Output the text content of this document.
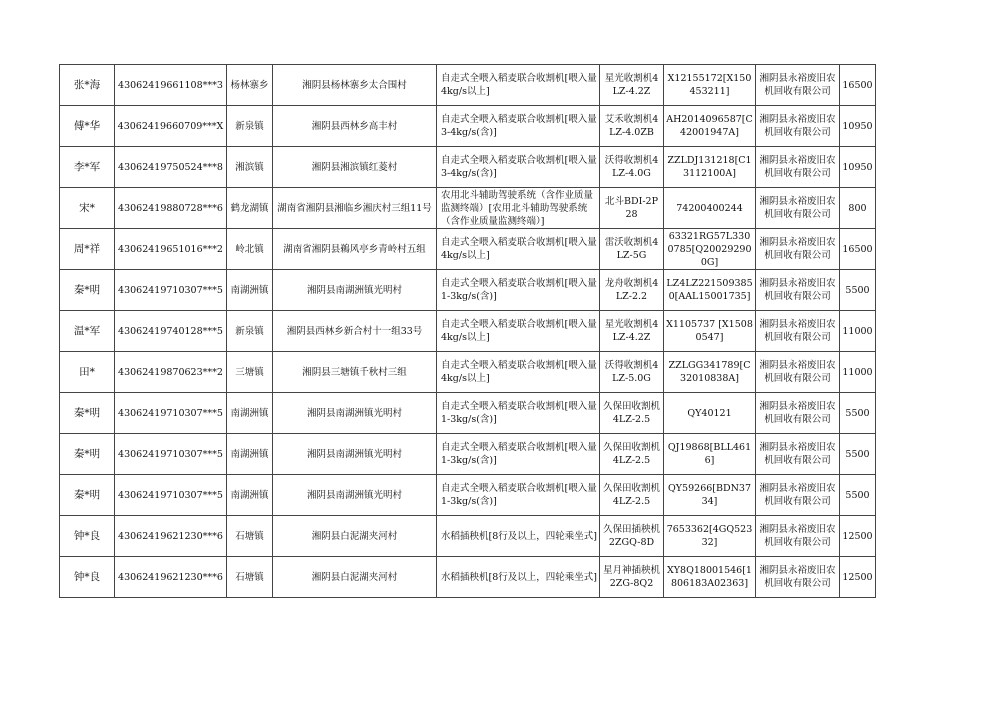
张*海	43062419661108***3	杨林寨乡	湘阴县杨林寨乡太合围村	自走式全喂入稻麦联合收割机[喂入量4kg/s以上]	星光收割机4LZ-4.2Z	X12155172[X150453211]	湘阴县永裕废旧农机回收有限公司	16500
傅*华	43062419660709***X	新泉镇	湘阴县西林乡高丰村	自走式全喂入稻麦联合收割机[喂入量3-4kg/s(含)]	艾禾收割机4LZ-4.0ZB	AH2014096587[C42001947A]	湘阴县永裕废旧农机回收有限公司	10950
李*军	43062419750524***8	湘滨镇	湘阴县湘滨镇红菱村	自走式全喂入稻麦联合收割机[喂入量3-4kg/s(含)]	沃得收割机4LZ-4.0G	ZZLDJ131218[C13112100A]	湘阴县永裕废旧农机回收有限公司	10950
宋*	43062419880728***6	鹤龙湖镇	湖南省湘阴县湘临乡湘庆村三组11号	农用北斗辅助驾驶系统（含作业质量监测终端）[农用北斗辅助驾驶系统（含作业质量监测终端）]	北斗BDI-2P28	74200400244	湘阴县永裕废旧农机回收有限公司	800
周*祥	43062419651016***2	岭北镇	湖南省湘阴县鵜风亭乡青岭村五组	自走式全喂入稻麦联合收割机[喂入量4kg/s以上]	雷沃收割机4LZ-5G	63321RG57L3300785[Q200292900G]	湘阴县永裕废旧农机回收有限公司	16500
秦*明	43062419710307***5	南湖洲镇	湘阴县南湖洲镇光明村	自走式全喂入稻麦联合收割机[喂入量1-3kg/s(含)]	龙舟收割机4LZ-2.2	LZ4LZ2215093850[AAL15001735]	湘阴县永裕废旧农机回收有限公司	5500
温*军	43062419740128***5	新泉镇	湘阴县西林乡新合村十一组33号	自走式全喂入稻麦联合收割机[喂入量4kg/s以上]	星光收割机4LZ-4.2Z	X1105737 [X15080547]	湘阴县永裕废旧农机回收有限公司	11000
田*	43062419870623***2	三塘镇	湘阴县三塘镇千秋村三组	自走式全喂入稻麦联合收割机[喂入量4kg/s以上]	沃得收割机4LZ-5.0G	ZZLGG341789[C32010838A]	湘阴县永裕废旧农机回收有限公司	11000
秦*明	43062419710307***5	南湖洲镇	湘阴县南湖洲镇光明村	自走式全喂入稻麦联合收割机[喂入量1-3kg/s(含)]	久保田收割机4LZ-2.5	QY40121	湘阴县永裕废旧农机回收有限公司	5500
秦*明	43062419710307***5	南湖洲镇	湘阴县南湖洲镇光明村	自走式全喂入稻麦联合收割机[喂入量1-3kg/s(含)]	久保田收割机4LZ-2.5	QJ19868[BLL4616]	湘阴县永裕废旧农机回收有限公司	5500
秦*明	43062419710307***5	南湖洲镇	湘阴县南湖洲镇光明村	自走式全喂入稻麦联合收割机[喂入量1-3kg/s(含)]	久保田收割机4LZ-2.5	QY59266[BDN3734]	湘阴县永裕废旧农机回收有限公司	5500
钟*良	43062419621230***6	石塘镇	湘阴县白泥湖夹河村	水稻插秧机[8行及以上，四轮乘坐式]	久保田插秧机2ZGQ-8D	7653362[4GQ52332]	湘阴县永裕废旧农机回收有限公司	12500
钟*良	43062419621230***6	石塘镇	湘阴县白泥湖夹河村	水稻插秧机[8行及以上，四轮乘坐式]	星月神插秧机2ZG-8Q2	XY8Q18001546[1806183A02363]	湘阴县永裕废旧农机回收有限公司	12500
